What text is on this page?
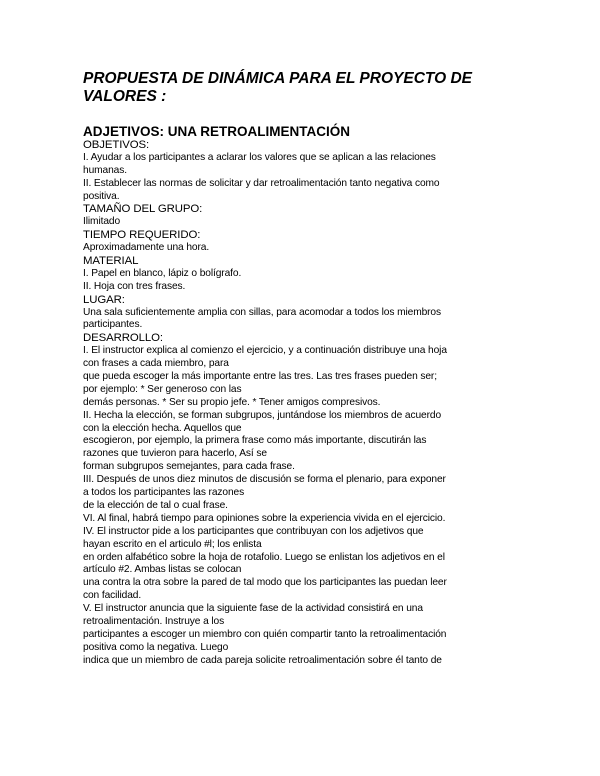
PROPUESTA DE DINÁMICA PARA EL PROYECTO DE
VALORES :
ADJETIVOS: UNA RETROALIMENTACIÓN
OBJETIVOS:
I. Ayudar a los participantes a aclarar los valores que se aplican a las relaciones
humanas.
II. Establecer las normas de solicitar y dar retroalimentación tanto negativa como
positiva.
TAMAÑO DEL GRUPO:
Ilimitado
TIEMPO REQUERIDO:
Aproximadamente una hora.
MATERIAL
I. Papel en blanco, lápiz o bolígrafo.
II. Hoja con tres frases.
LUGAR:
Una sala suficientemente amplia con sillas, para acomodar a todos los miembros
participantes.
DESARROLLO:
I. El instructor explica al comienzo el ejercicio, y a continuación distribuye una hoja
con frases a cada miembro, para
que pueda escoger la más importante entre las tres. Las tres frases pueden ser;
por ejemplo: * Ser generoso con las
demás personas. * Ser su propio jefe. * Tener amigos compresivos.
II. Hecha la elección, se forman subgrupos, juntándose los miembros de acuerdo
con la elección hecha. Aquellos que
escogieron, por ejemplo, la primera frase como más importante, discutirán las
razones que tuvieron para hacerlo, Así se
forman subgrupos semejantes, para cada frase.
III. Después de unos diez minutos de discusión se forma el plenario, para exponer
a todos los participantes las razones
de la elección de tal o cual frase.
VI. Al final, habrá tiempo para opiniones sobre la experiencia vivida en el ejercicio.
IV. El instructor pide a los participantes que contribuyan con los adjetivos que
hayan escrito en el articulo #l; los enlista
en orden alfabético sobre la hoja de rotafolio. Luego se enlistan los adjetivos en el
artículo #2. Ambas listas se colocan
una contra la otra sobre la pared de tal modo que los participantes las puedan leer
con facilidad.
V. El instructor anuncia que la siguiente fase de la actividad consistirá en una
retroalimentación. Instruye a los
participantes a escoger un miembro con quién compartir tanto la retroalimentación
positiva como la negativa. Luego
indica que un miembro de cada pareja solicite retroalimentación sobre él tanto de
